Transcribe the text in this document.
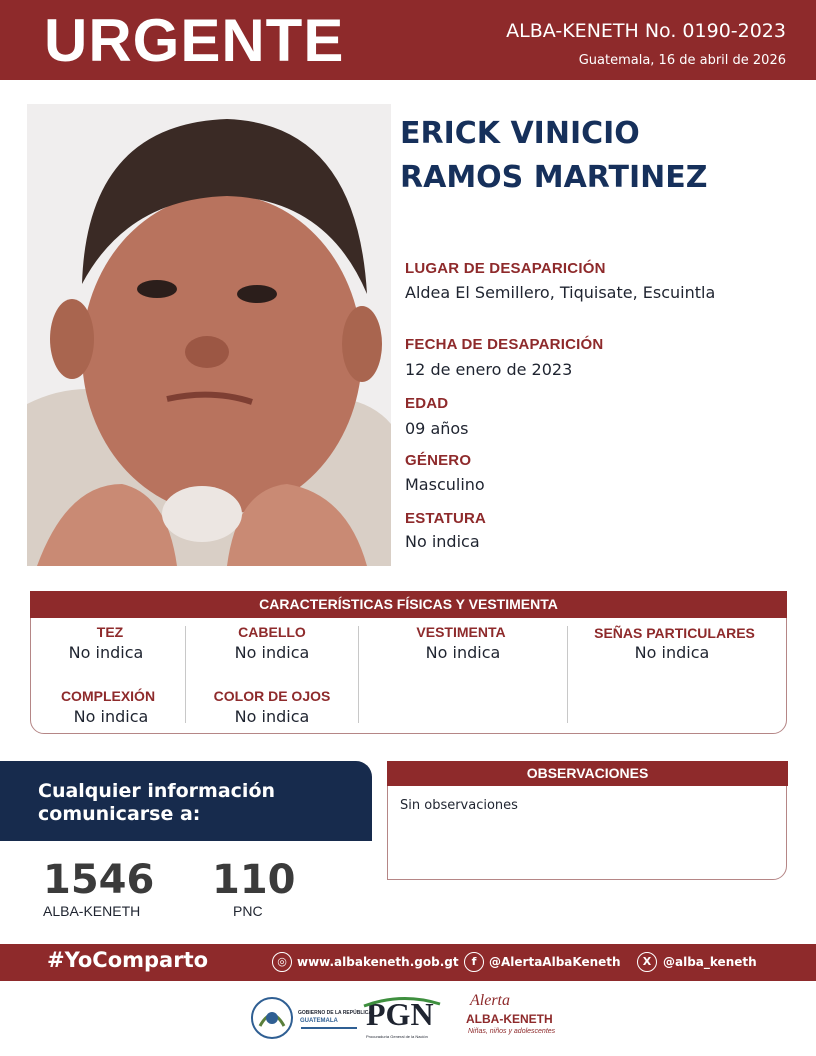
URGENTE	ALBA-KENETH No. 0190-2023
Guatemala, 16 de abril de 2026
ERICK VINICIO
RAMOS MARTINEZ
LUGAR DE DESAPARICIÓN
Aldea El Semillero, Tiquisate, Escuintla
FECHA DE DESAPARICIÓN
12 de enero de 2023
EDAD
09 años
GÉNERO
Masculino
ESTATURA
No indica
CARACTERÍSTICAS FÍSICAS Y VESTIMENTA
TEZ
No indica
CABELLO
No indica
VESTIMENTA
No indica
SEÑAS PARTICULARES
No indica
COMPLEXIÓN
No indica
COLOR DE OJOS
No indica
Cualquier información
comunicarse a:
1546
ALBA-KENETH
110
PNC
OBSERVACIONES
Sin observaciones
#YoComparto	◎ www.albakeneth.gob.gt	f	@AlertaAlbaKeneth	X @alba_keneth
GOBIERNO DE LA REPÚBLICA
GUATEMALA PGN
Procuraduría General de la Nación
Alerta
ALBA-KENETH
Niñas, niños y adolescentes
